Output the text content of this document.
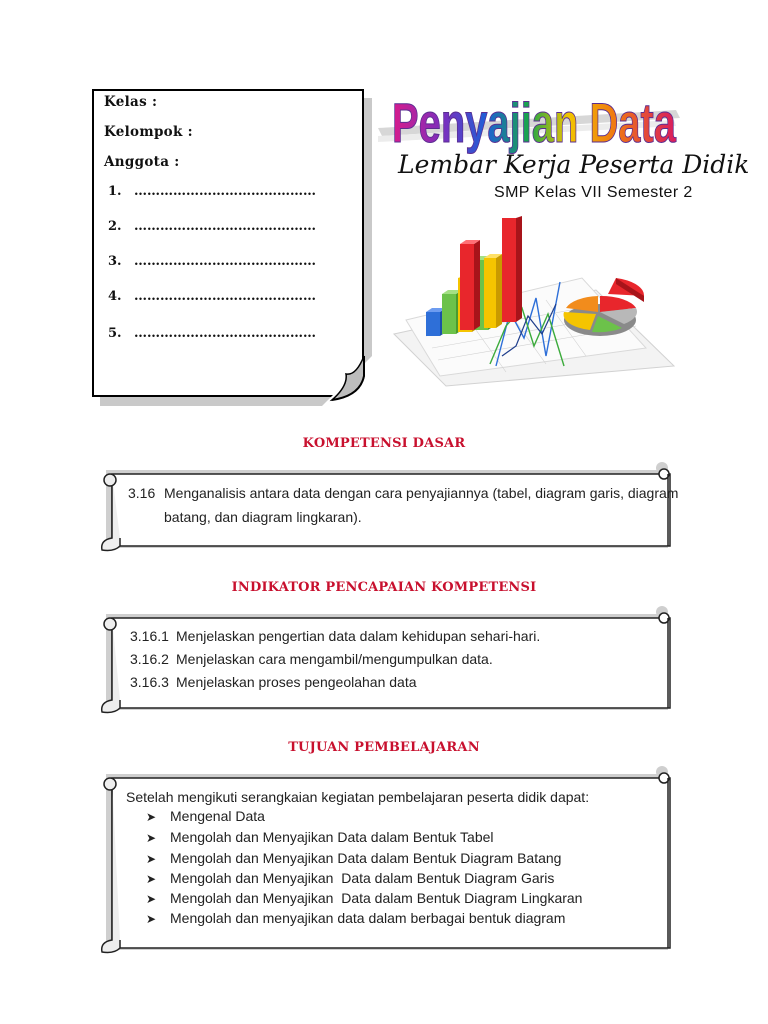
Kelas :
Kelompok :
Anggota :
1. ……………………………………
2. ……………………………………
3. ……………………………………
4. ……………………………………
5. ……………………………………
Penyajian Data
Lembar Kerja Peserta Didik
SMP Kelas VII Semester 2
KOMPETENSI DASAR
3.16 Menganalisis antara data dengan cara penyajiannya (tabel, diagram garis, diagram
batang, dan diagram lingkaran).
INDIKATOR PENCAPAIAN KOMPETENSI
3.16.1 Menjelaskan pengertian data dalam kehidupan sehari-hari.
3.16.2 Menjelaskan cara mengambil/mengumpulkan data.
3.16.3 Menjelaskan proses pengeolahan data
TUJUAN PEMBELAJARAN
Setelah mengikuti serangkaian kegiatan pembelajaran peserta didik dapat:
➤ Mengenal Data
➤ Mengolah dan Menyajikan Data dalam Bentuk Tabel
➤ Mengolah dan Menyajikan Data dalam Bentuk Diagram Batang
➤ Mengolah dan Menyajikan  Data dalam Bentuk Diagram Garis
➤ Mengolah dan Menyajikan  Data dalam Bentuk Diagram Lingkaran
➤ Mengolah dan menyajikan data dalam berbagai bentuk diagram
